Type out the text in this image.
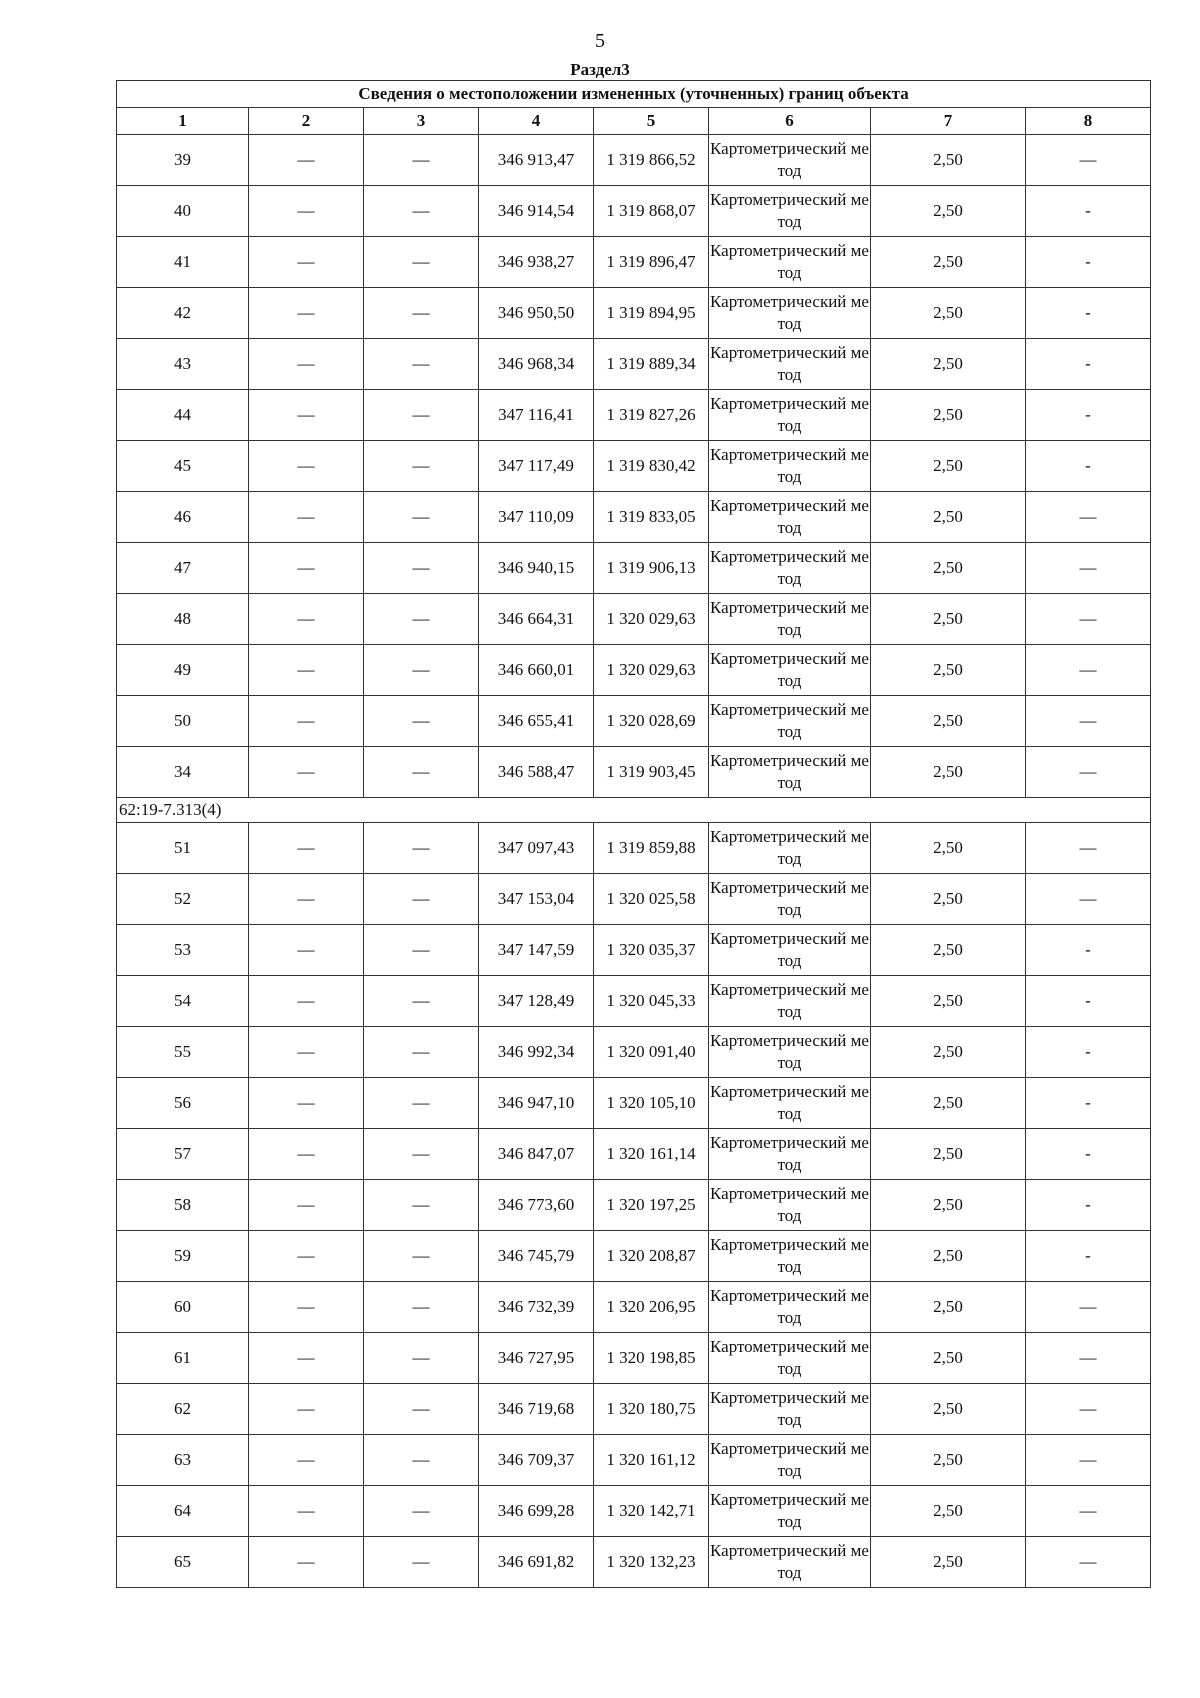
5
Раздел3
Сведения о местоположении измененных (уточненных) границ объекта							
1	2	3	4	5	6	7	8
39	—	—	346 913,47	1 319 866,52	Картометрический метод	2,50	—
40	—	—	346 914,54	1 319 868,07	Картометрический метод	2,50	-
41	—	—	346 938,27	1 319 896,47	Картометрический метод	2,50	-
42	—	—	346 950,50	1 319 894,95	Картометрический метод	2,50	-
43	—	—	346 968,34	1 319 889,34	Картометрический метод	2,50	-
44	—	—	347 116,41	1 319 827,26	Картометрический метод	2,50	-
45	—	—	347 117,49	1 319 830,42	Картометрический метод	2,50	-
46	—	—	347 110,09	1 319 833,05	Картометрический метод	2,50	—
47	—	—	346 940,15	1 319 906,13	Картометрический метод	2,50	—
48	—	—	346 664,31	1 320 029,63	Картометрический метод	2,50	—
49	—	—	346 660,01	1 320 029,63	Картометрический метод	2,50	—
50	—	—	346 655,41	1 320 028,69	Картометрический метод	2,50	—
34	—	—	346 588,47	1 319 903,45	Картометрический метод	2,50	—
62:19-7.313(4)							
51	—	—	347 097,43	1 319 859,88	Картометрический метод	2,50	—
52	—	—	347 153,04	1 320 025,58	Картометрический метод	2,50	—
53	—	—	347 147,59	1 320 035,37	Картометрический метод	2,50	-
54	—	—	347 128,49	1 320 045,33	Картометрический метод	2,50	-
55	—	—	346 992,34	1 320 091,40	Картометрический метод	2,50	-
56	—	—	346 947,10	1 320 105,10	Картометрический метод	2,50	-
57	—	—	346 847,07	1 320 161,14	Картометрический метод	2,50	-
58	—	—	346 773,60	1 320 197,25	Картометрический метод	2,50	-
59	—	—	346 745,79	1 320 208,87	Картометрический метод	2,50	-
60	—	—	346 732,39	1 320 206,95	Картометрический метод	2,50	—
61	—	—	346 727,95	1 320 198,85	Картометрический метод	2,50	—
62	—	—	346 719,68	1 320 180,75	Картометрический метод	2,50	—
63	—	—	346 709,37	1 320 161,12	Картометрический метод	2,50	—
64	—	—	346 699,28	1 320 142,71	Картометрический метод	2,50	—
65	—	—	346 691,82	1 320 132,23	Картометрический метод	2,50	—
